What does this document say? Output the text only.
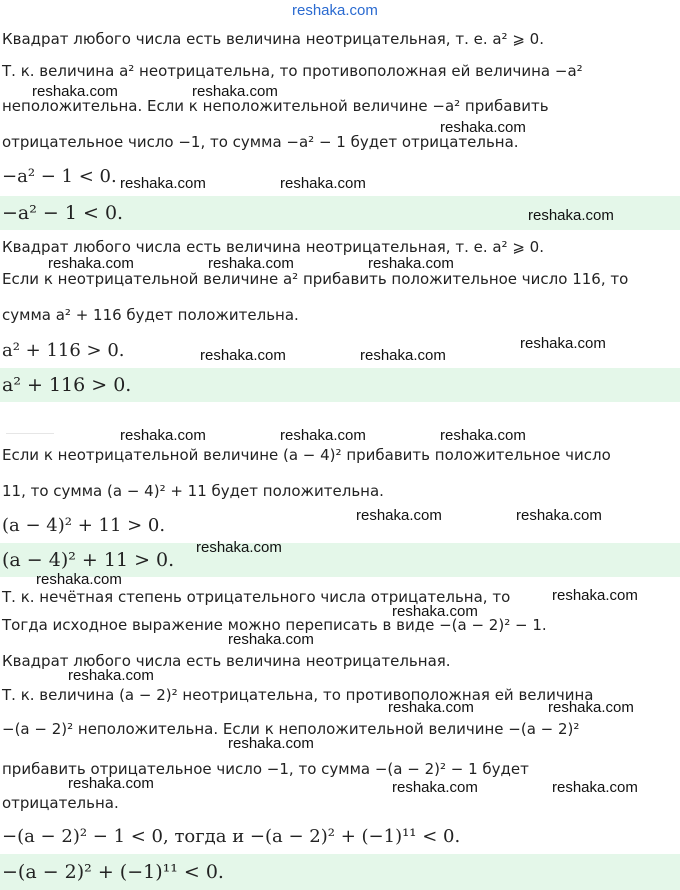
reshaka.com
Квадрат любого числа есть величина неотрицательная, т. е. a² ⩾ 0.
Т. к. величина a² неотрицательна, то противоположная ей величина −a²
неположительна. Если к неположительной величине −a² прибавить
отрицательное число −1, то сумма −a² − 1 будет отрицательна.
−a² − 1 < 0.
−a² − 1 < 0.
Квадрат любого числа есть величина неотрицательная, т. е. a² ⩾ 0.
Если к неотрицательной величине a² прибавить положительное число 116, то
сумма a² + 116 будет положительна.
a² + 116 > 0.
a² + 116 > 0.
Если к неотрицательной величине (a − 4)² прибавить положительное число
11, то сумма (a − 4)² + 11 будет положительна.
(a − 4)² + 11 > 0.
(a − 4)² + 11 > 0.
Т. к. нечётная степень отрицательного числа отрицательна, то
Тогда исходное выражение можно переписать в виде −(a − 2)² − 1.
Квадрат любого числа есть величина неотрицательная.
Т. к. величина (a − 2)² неотрицательна, то противоположная ей величина
−(a − 2)² неположительна. Если к неположительной величине −(a − 2)²
прибавить отрицательное число −1, то сумма −(a − 2)² − 1 будет
отрицательна.
−(a − 2)² − 1 < 0, тогда и −(a − 2)² + (−1)¹¹ < 0.
−(a − 2)² + (−1)¹¹ < 0.
reshaka.com	reshaka.com
reshaka.com
reshaka.com	reshaka.com
reshaka.com
reshaka.com	reshaka.com	reshaka.com
reshaka.com
reshaka.com	reshaka.com
reshaka.com	reshaka.com	reshaka.com
reshaka.com	reshaka.com
reshaka.com
reshaka.com
reshaka.com
reshaka.com
reshaka.com
reshaka.com
reshaka.com	reshaka.com
reshaka.com
reshaka.com	reshaka.com	reshaka.com
